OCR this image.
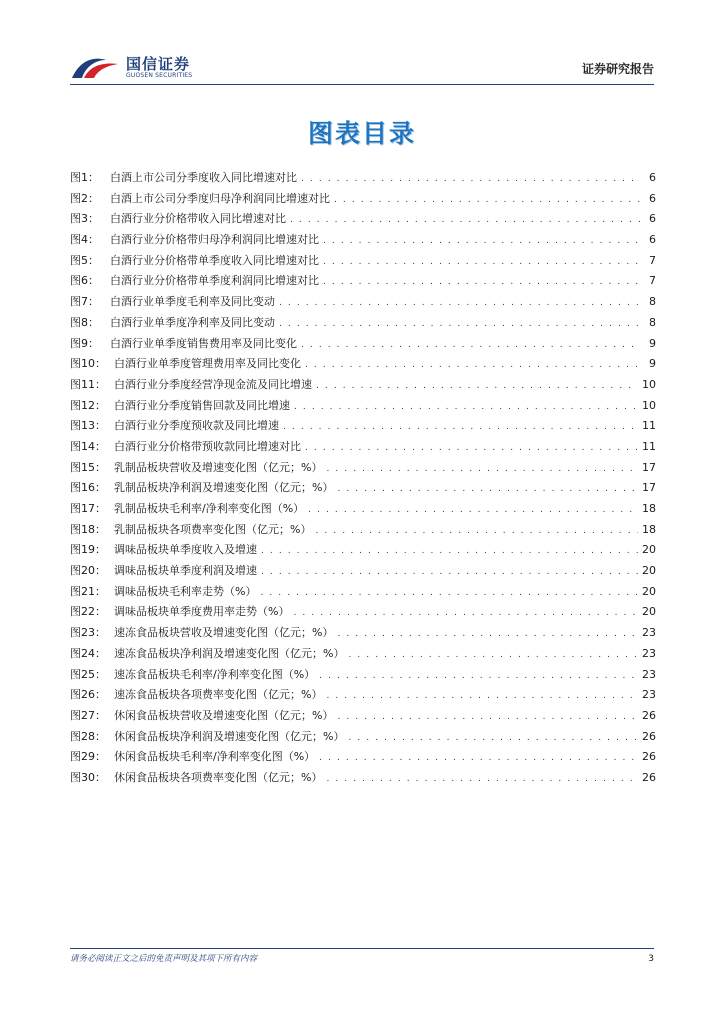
国信证券
GUOSEN SECURITIES	证券研究报告
图表目录
图1：	白酒上市公司分季度收入同比增速对比 . . .	6
图2：	白酒上市公司分季度归母净利润同比增速对比 . . .	6
图3：	白酒行业分价格带收入同比增速对比 . . .	6
图4：	白酒行业分价格带归母净利润同比增速对比 . . .	6
图5：	白酒行业分价格带单季度收入同比增速对比 . . .	7
图6：	白酒行业分价格带单季度利润同比增速对比 . . .	7
图7：	白酒行业单季度毛利率及同比变动 . . .	8
图8：	白酒行业单季度净利率及同比变动 . . .	8
图9：	白酒行业单季度销售费用率及同比变化 . . .	9
图10： 白酒行业单季度管理费用率及同比变化 . . .	9
图11： 白酒行业分季度经营净现金流及同比增速 . . .	10
图12： 白酒行业分季度销售回款及同比增速 . . .	10
图13： 白酒行业分季度预收款及同比增速 . . .	11
图14： 白酒行业分价格带预收款同比增速对比 . . .	11
图15： 乳制品板块营收及增速变化图（亿元；%） . . .	17
图16： 乳制品板块净利润及增速变化图（亿元；%） . . .	17
图17： 乳制品板块毛利率/净利率变化图（%） . . .	18
图18： 乳制品板块各项费率变化图（亿元；%） . . .	18
图19： 调味品板块单季度收入及增速 . . .	20
图20： 调味品板块单季度利润及增速 . . .	20
图21： 调味品板块毛利率走势（%） . . .	20
图22： 调味品板块单季度费用率走势（%） . . .	20
图23： 速冻食品板块营收及增速变化图（亿元；%） . . .	23
图24： 速冻食品板块净利润及增速变化图（亿元；%） . . .	23
图25： 速冻食品板块毛利率/净利率变化图（%） . . .	23
图26： 速冻食品板块各项费率变化图（亿元；%） . . .	23
图27： 休闲食品板块营收及增速变化图（亿元；%） . . .	26
图28： 休闲食品板块净利润及增速变化图（亿元；%） . . .	26
图29： 休闲食品板块毛利率/净利率变化图（%） . . .	26
图30： 休闲食品板块各项费率变化图（亿元；%） . . .	26
请务必阅读正文之后的免责声明及其项下所有内容	3
